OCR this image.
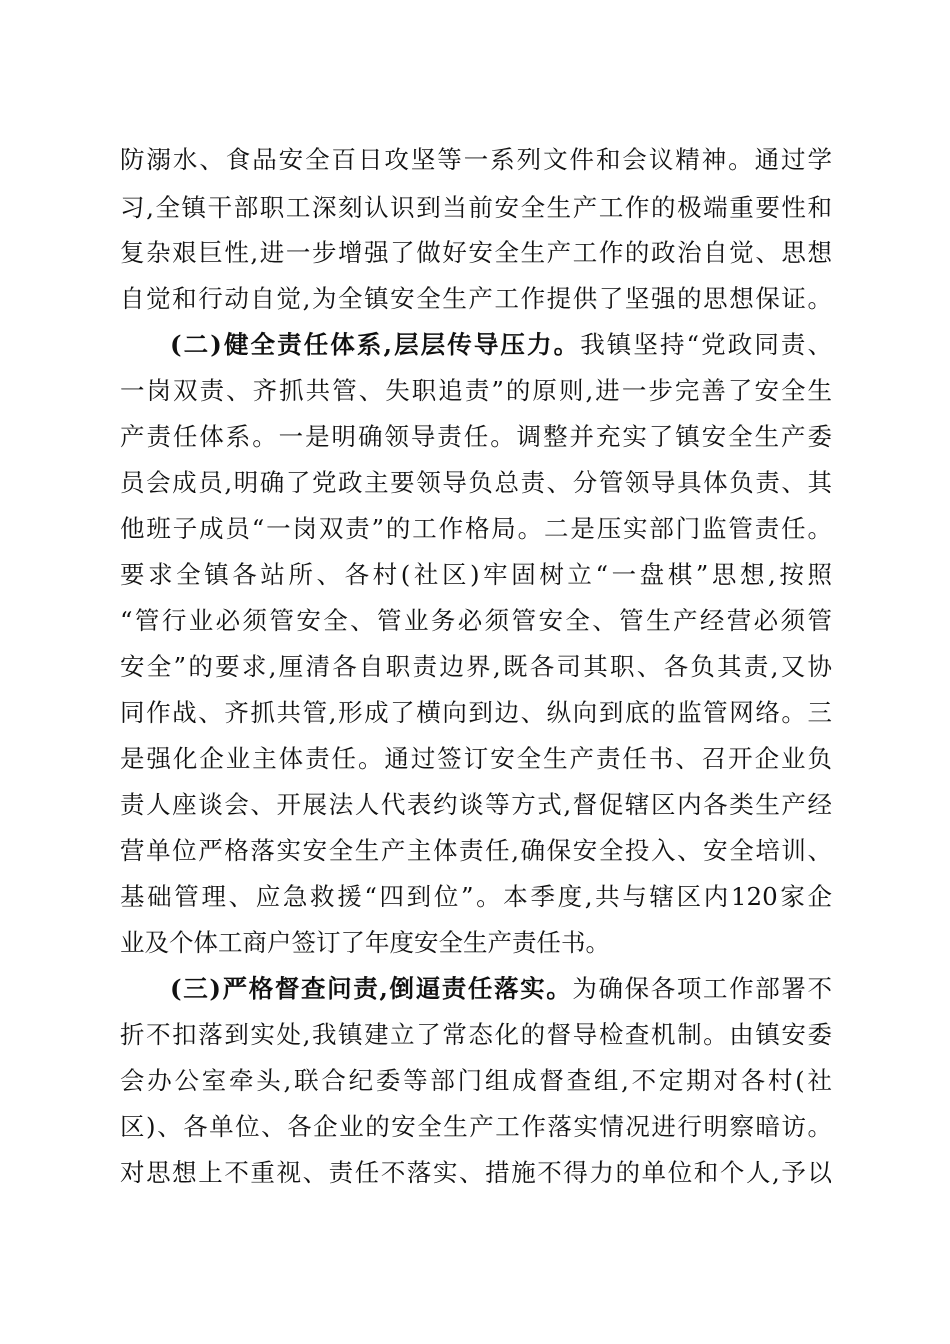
防溺水、食品安全百日攻坚等一系列文件和会议精神。通过学
习,全镇干部职工深刻认识到当前安全生产工作的极端重要性和
复杂艰巨性,进一步增强了做好安全生产工作的政治自觉、思想
自觉和行动自觉,为全镇安全生产工作提供了坚强的思想保证。
(二)健全责任体系,层层传导压力。我镇坚持“党政同责、
一岗双责、齐抓共管、失职追责”的原则,进一步完善了安全生
产责任体系。一是明确领导责任。调整并充实了镇安全生产委
员会成员,明确了党政主要领导负总责、分管领导具体负责、其
他班子成员“一岗双责”的工作格局。二是压实部门监管责任。
要求全镇各站所、各村(社区)牢固树立“一盘棋”思想,按照
“管行业必须管安全、管业务必须管安全、管生产经营必须管
安全”的要求,厘清各自职责边界,既各司其职、各负其责,又协
同作战、齐抓共管,形成了横向到边、纵向到底的监管网络。三
是强化企业主体责任。通过签订安全生产责任书、召开企业负
责人座谈会、开展法人代表约谈等方式,督促辖区内各类生产经
营单位严格落实安全生产主体责任,确保安全投入、安全培训、
基础管理、应急救援“四到位”。本季度,共与辖区内120家企
业及个体工商户签订了年度安全生产责任书。
(三)严格督查问责,倒逼责任落实。为确保各项工作部署不
折不扣落到实处,我镇建立了常态化的督导检查机制。由镇安委
会办公室牵头,联合纪委等部门组成督查组,不定期对各村(社
区)、各单位、各企业的安全生产工作落实情况进行明察暗访。
对思想上不重视、责任不落实、措施不得力的单位和个人,予以
